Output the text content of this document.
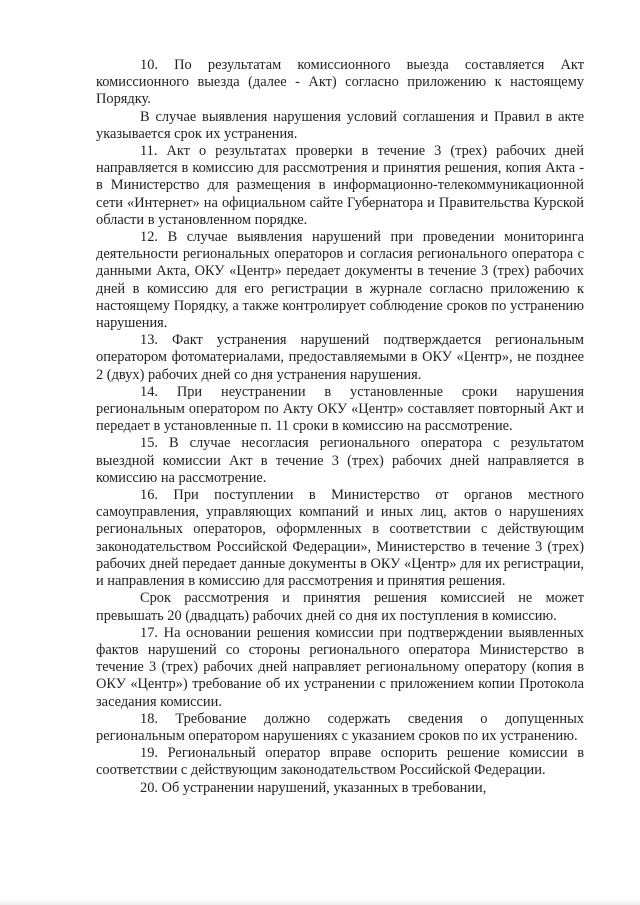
10. По результатам комиссионного выезда составляется Акт комиссионного выезда (далее - Акт) согласно приложению к настоящему Порядку.

В случае выявления нарушения условий соглашения и Правил в акте указывается срок их устранения.

11. Акт о результатах проверки в течение 3 (трех) рабочих дней направляется в комиссию для рассмотрения и принятия решения, копия Акта - в Министерство для размещения в информационно-телекоммуникационной сети «Интернет» на официальном сайте Губернатора и Правительства Курской области в установленном порядке.

12. В случае выявления нарушений при проведении мониторинга деятельности региональных операторов и согласия регионального оператора с данными Акта, ОКУ «Центр» передает документы в течение 3 (трех) рабочих дней в комиссию для его регистрации в журнале согласно приложению к настоящему Порядку, а также контролирует соблюдение сроков по устранению нарушения.

13. Факт устранения нарушений подтверждается региональным оператором фотоматериалами, предоставляемыми в ОКУ «Центр», не позднее 2 (двух) рабочих дней со дня устранения нарушения.

14. При неустранении в установленные сроки нарушения региональным оператором по Акту ОКУ «Центр» составляет повторный Акт и передает в установленные п. 11 сроки в комиссию на рассмотрение.

15. В случае несогласия регионального оператора с результатом выездной комиссии Акт в течение 3 (трех) рабочих дней направляется в комиссию на рассмотрение.

16. При поступлении в Министерство от органов местного самоуправления, управляющих компаний и иных лиц, актов о нарушениях региональных операторов, оформленных в соответствии с действующим законодательством Российской Федерации», Министерство в течение 3 (трех) рабочих дней передает данные документы в ОКУ «Центр» для их регистрации, и направления в комиссию для рассмотрения и принятия решения.

Срок рассмотрения и принятия решения комиссией не может превышать 20 (двадцать) рабочих дней со дня их поступления в комиссию.

17. На основании решения комиссии при подтверждении выявленных фактов нарушений со стороны регионального оператора Министерство в течение 3 (трех) рабочих дней направляет региональному оператору (копия в ОКУ «Центр») требование об их устранении с приложением копии Протокола заседания комиссии.

18. Требование должно содержать сведения о допущенных региональным оператором нарушениях с указанием сроков по их устранению.

19. Региональный оператор вправе оспорить решение комиссии в соответствии с действующим законодательством Российской Федерации.

20. Об устранении нарушений, указанных в требовании,
